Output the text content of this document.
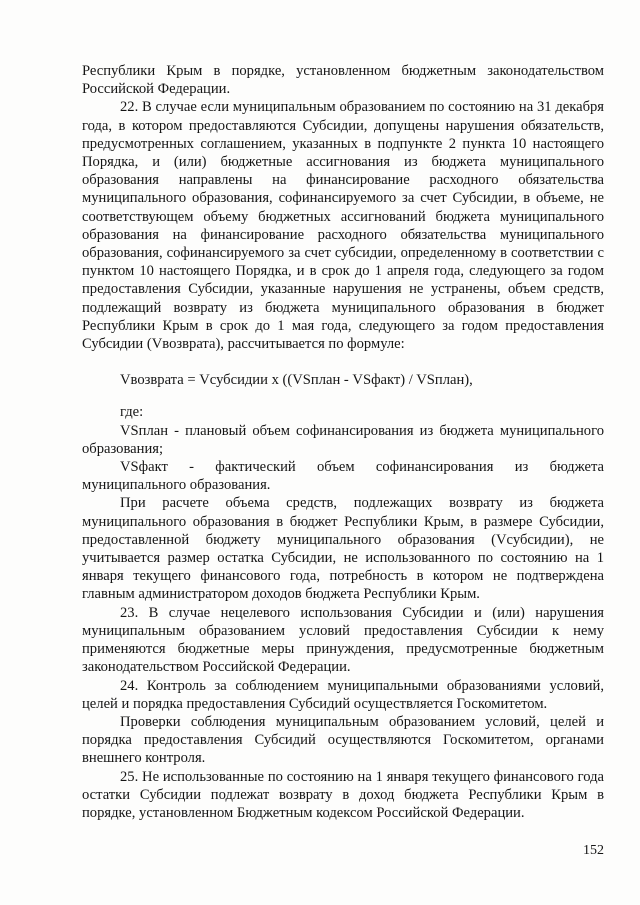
Республики Крым в порядке, установленном бюджетным законодательством Российской Федерации.

22. В случае если муниципальным образованием по состоянию на 31 декабря года, в котором предоставляются Субсидии, допущены нарушения обязательств, предусмотренных соглашением, указанных в подпункте 2 пункта 10 настоящего Порядка, и (или) бюджетные ассигнования из бюджета муниципального образования направлены на финансирование расходного обязательства муниципального образования, софинансируемого за счет Субсидии, в объеме, не соответствующем объему бюджетных ассигнований бюджета муниципального образования на финансирование расходного обязательства муниципального образования, софинансируемого за счет субсидии, определенному в соответствии с пунктом 10 настоящего Порядка, и в срок до 1 апреля года, следующего за годом предоставления Субсидии, указанные нарушения не устранены, объем средств, подлежащий возврату из бюджета муниципального образования в бюджет Республики Крым в срок до 1 мая года, следующего за годом предоставления Субсидии (Vвозврата), рассчитывается по формуле:

Vвозврата = Vсубсидии x ((VSплан - VSфакт) / VSплан),

где:

VSплан - плановый объем софинансирования из бюджета муниципального образования;

VSфакт - фактический объем софинансирования из бюджета муниципального образования.

При расчете объема средств, подлежащих возврату из бюджета муниципального образования в бюджет Республики Крым, в размере Субсидии, предоставленной бюджету муниципального образования (Vсубсидии), не учитывается размер остатка Субсидии, не использованного по состоянию на 1 января текущего финансового года, потребность в котором не подтверждена главным администратором доходов бюджета Республики Крым.

23. В случае нецелевого использования Субсидии и (или) нарушения муниципальным образованием условий предоставления Субсидии к нему применяются бюджетные меры принуждения, предусмотренные бюджетным законодательством Российской Федерации.

24. Контроль за соблюдением муниципальными образованиями условий, целей и порядка предоставления Субсидий осуществляется Госкомитетом.

Проверки соблюдения муниципальным образованием условий, целей и порядка предоставления Субсидий осуществляются Госкомитетом, органами внешнего контроля.

25. Не использованные по состоянию на 1 января текущего финансового года остатки Субсидии подлежат возврату в доход бюджета Республики Крым в порядке, установленном Бюджетным кодексом Российской Федерации.

152
